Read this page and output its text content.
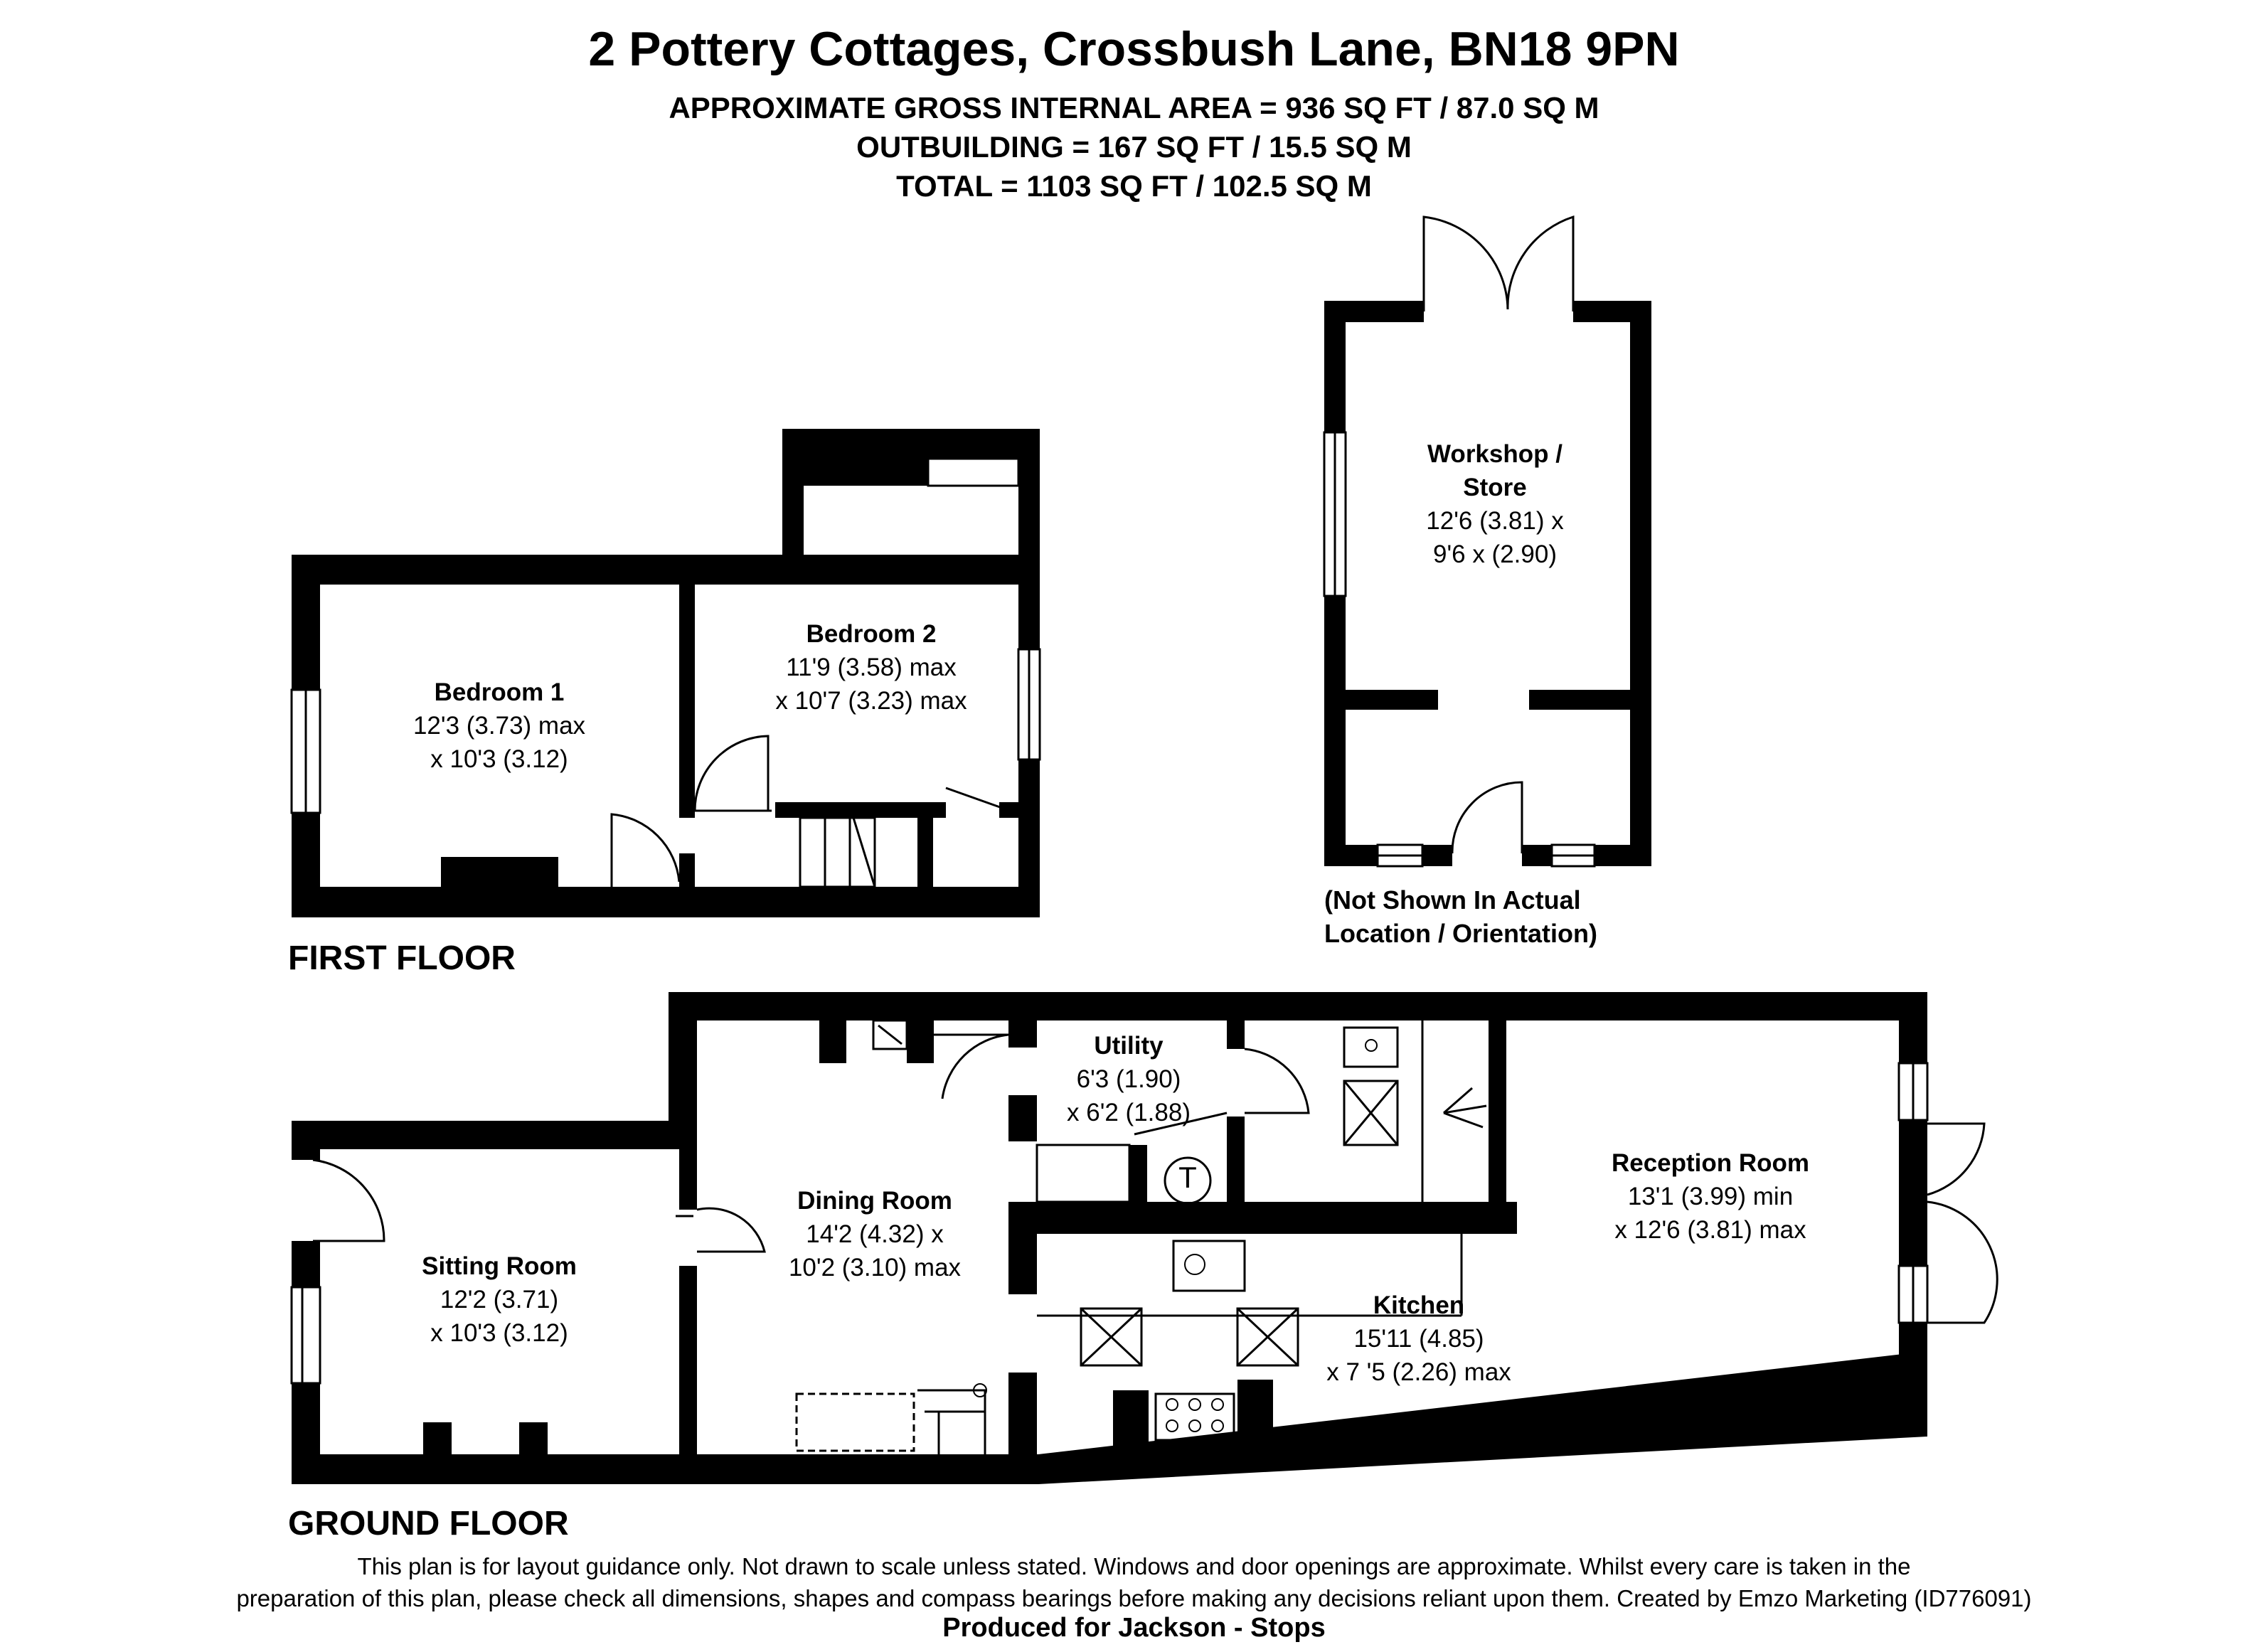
2 Pottery Cottages, Crossbush Lane, BN18 9PN
APPROXIMATE GROSS INTERNAL AREA = 936 SQ FT / 87.0 SQ M
OUTBUILDING = 167 SQ FT / 15.5 SQ M
TOTAL = 1103 SQ FT / 102.5 SQ M
FIRST FLOOR
GROUND FLOOR
Bedroom 1
12'3 (3.73) max
x 10'3 (3.12)
Bedroom 2
11'9 (3.58) max
x 10'7 (3.23) max
Workshop /
Store
12'6 (3.81) x
9'6 x (2.90)
Utility
6'3 (1.90)
x 6'2 (1.88)
Dining Room
14'2 (4.32) x
10'2 (3.10) max
Sitting Room
12'2 (3.71)
x 10'3 (3.12)
Kitchen
15'11 (4.85)
x 7 '5 (2.26) max
Reception Room
13'1 (3.99) min
x 12'6 (3.81) max
T
(Not Shown In Actual
Location / Orientation)
This plan is for layout guidance only. Not drawn to scale unless stated. Windows and door openings are approximate. Whilst every care is taken in the
preparation of this plan, please check all dimensions, shapes and compass bearings before making any decisions reliant upon them. Created by Emzo Marketing (ID776091)
Produced for Jackson - Stops
